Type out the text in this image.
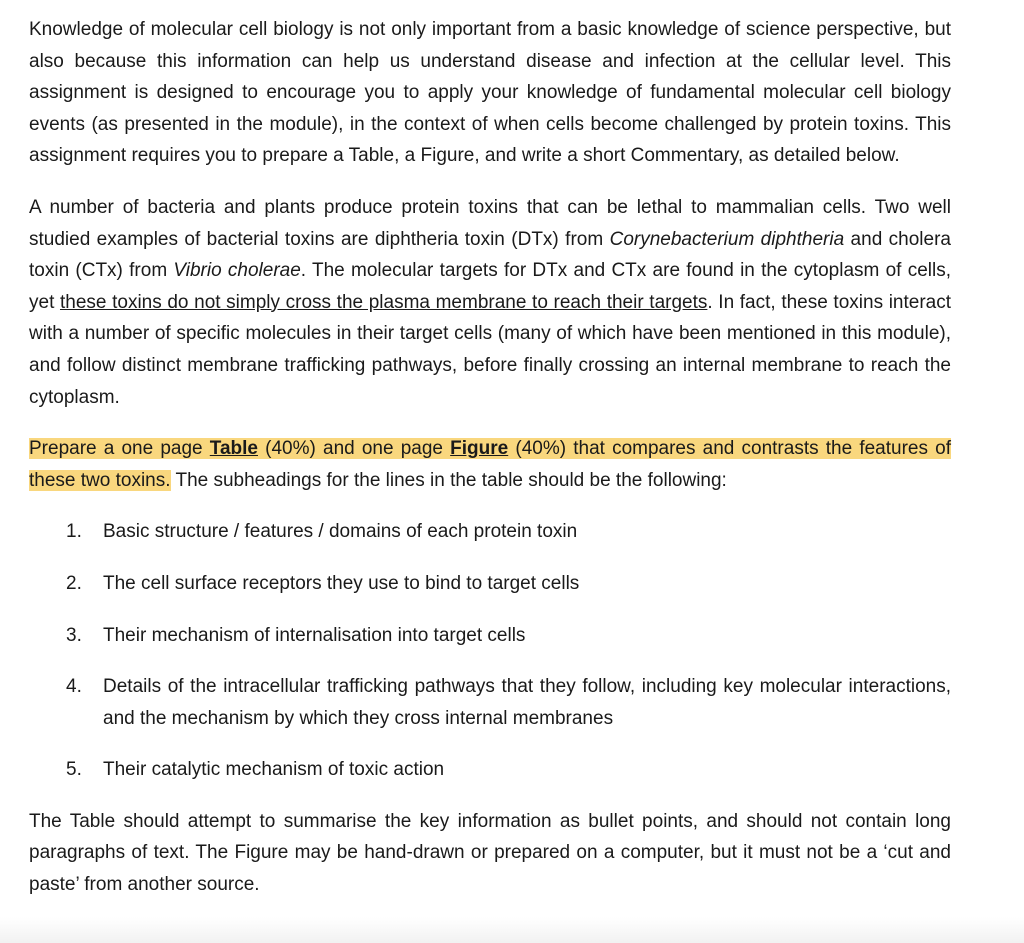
Knowledge of molecular cell biology is not only important from a basic knowledge of science perspective, but also because this information can help us understand disease and infection at the cellular level. This assignment is designed to encourage you to apply your knowledge of fundamental molecular cell biology events (as presented in the module), in the context of when cells become challenged by protein toxins. This assignment requires you to prepare a Table, a Figure, and write a short Commentary, as detailed below.

A number of bacteria and plants produce protein toxins that can be lethal to mammalian cells. Two well studied examples of bacterial toxins are diphtheria toxin (DTx) from Corynebacterium diphtheria and cholera toxin (CTx) from Vibrio cholerae. The molecular targets for DTx and CTx are found in the cytoplasm of cells, yet these toxins do not simply cross the plasma membrane to reach their targets. In fact, these toxins interact with a number of specific molecules in their target cells (many of which have been mentioned in this module), and follow distinct membrane trafficking pathways, before finally crossing an internal membrane to reach the cytoplasm.

Prepare a one page Table (40%) and one page Figure (40%) that compares and contrasts the features of these two toxins. The subheadings for the lines in the table should be the following:

1. Basic structure / features / domains of each protein toxin
2. The cell surface receptors they use to bind to target cells
3. Their mechanism of internalisation into target cells
4. Details of the intracellular trafficking pathways that they follow, including key molecular interactions, and the mechanism by which they cross internal membranes
5. Their catalytic mechanism of toxic action

The Table should attempt to summarise the key information as bullet points, and should not contain long paragraphs of text. The Figure may be hand-drawn or prepared on a computer, but it must not be a ‘cut and paste’ from another source.
